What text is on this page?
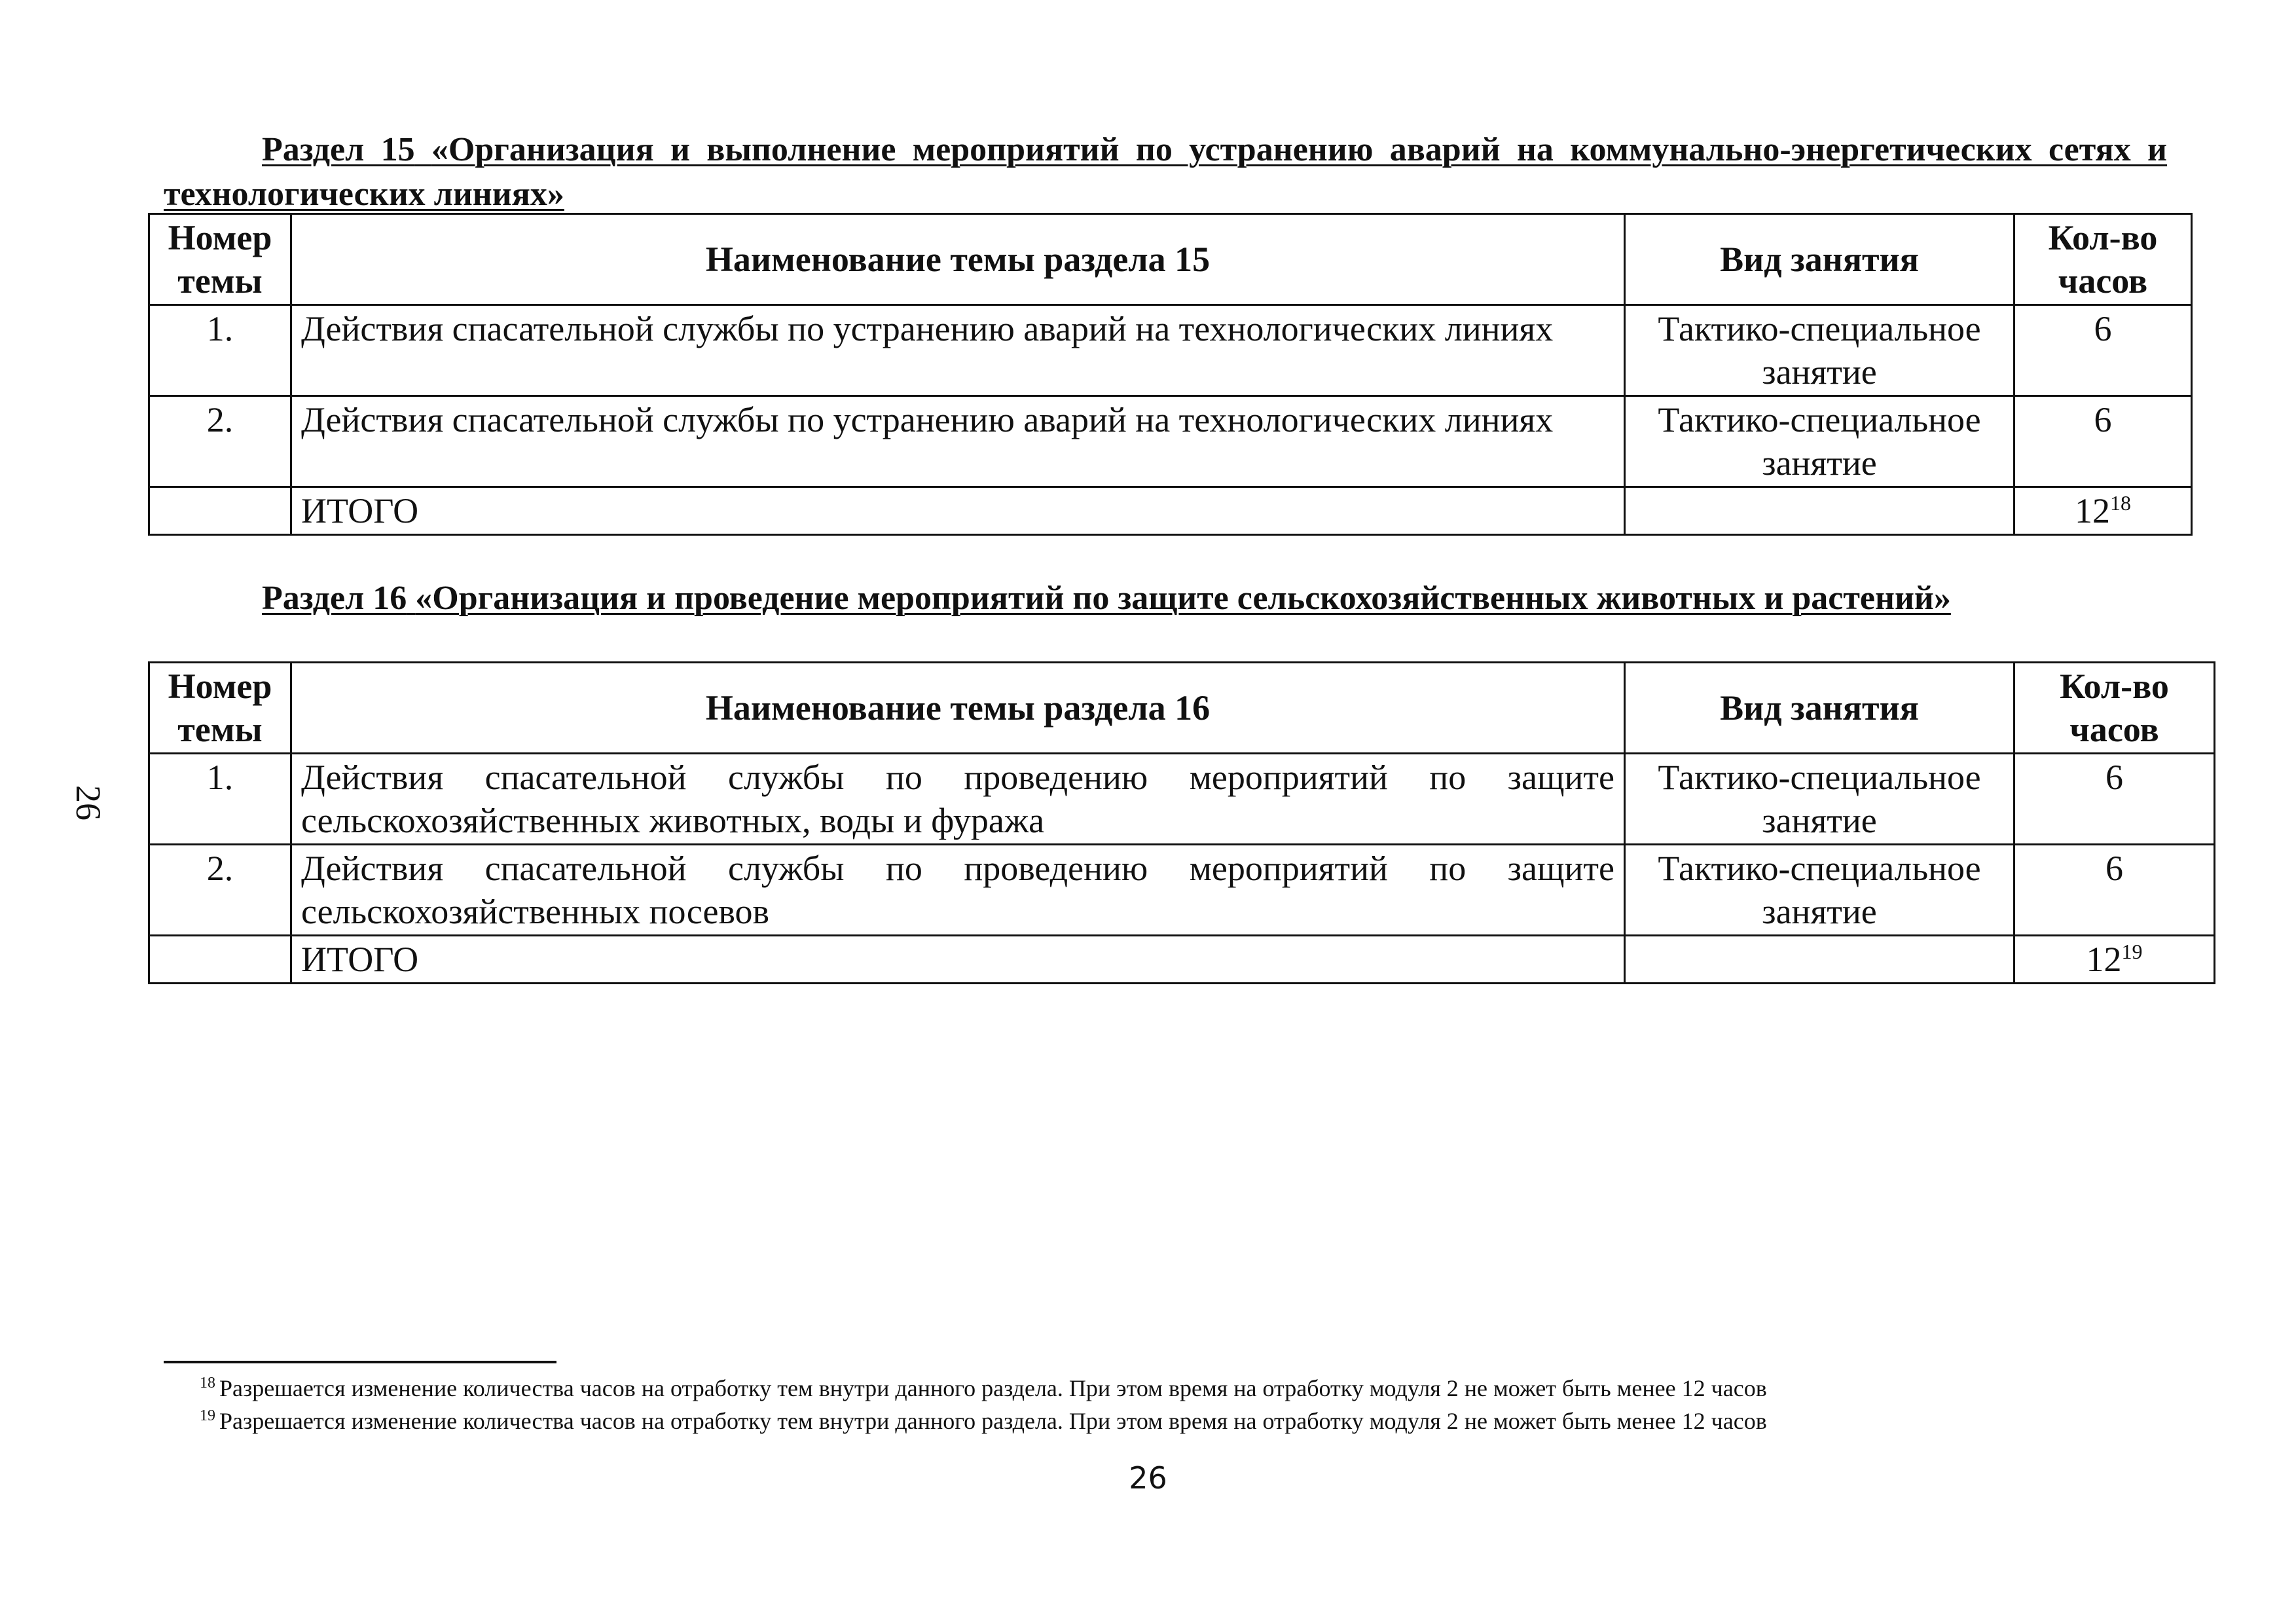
Раздел 15 «Организация и выполнение мероприятий по устранению аварий на коммунально-энергетических сетях и технологических линиях»
Номер темы	Наименование темы раздела 15	Вид занятия	Кол-во часов
1.	Действия спасательной службы по устранению аварий на технологических линиях	Тактико-специальное занятие	6
2.	Действия спасательной службы по устранению аварий на технологических линиях	Тактико-специальное занятие	6
	ИТОГО		$12^{18}$
Раздел 16 «Организация и проведение мероприятий по защите сельскохозяйственных животных и растений»
Номер темы	Наименование темы раздела 16	Вид занятия	Кол-во часов
1.	Действия спасательной службы по проведению мероприятий по защите сельскохозяйственных животных, воды и фуража	Тактико-специальное занятие	6
2.	Действия спасательной службы по проведению мероприятий по защите сельскохозяйственных посевов	Тактико-специальное занятие	6
	ИТОГО		$12^{19}$
26
$^{18}$ Разрешается изменение количества часов на отработку тем внутри данного раздела. При этом время на отработку модуля 2 не может быть менее 12 часов
$^{19}$ Разрешается изменение количества часов на отработку тем внутри данного раздела. При этом время на отработку модуля 2 не может быть менее 12 часов
26
